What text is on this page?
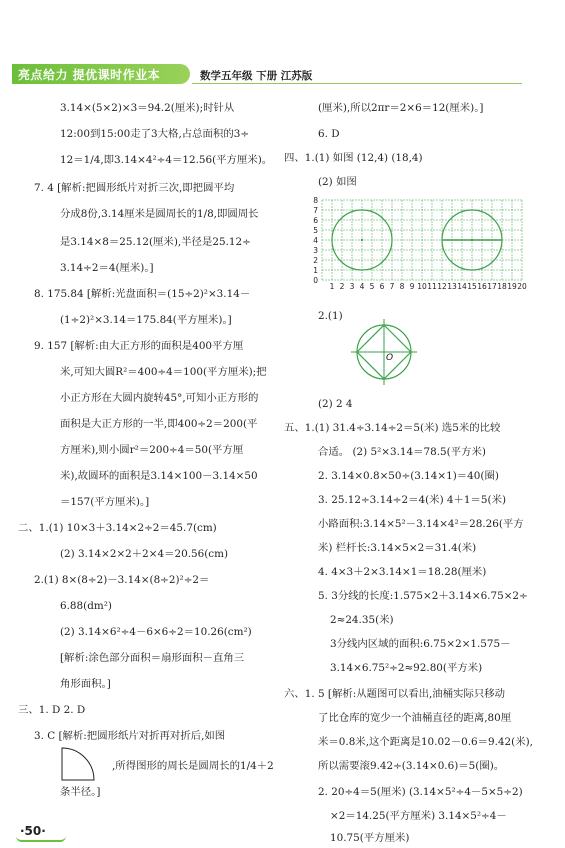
亮点给力 提优课时作业本	数学五年级 下册 江苏版
3.14×(5×2)×3＝94.2(厘米);时针从
12:00到15:00走了3大格,占总面积的3÷
12＝1/4,即3.14×4²÷4＝12.56(平方厘米)。
7. 4 [解析:把圆形纸片对折三次,即把圆平均
分成8份,3.14厘米是圆周长的1/8,即圆周长
是3.14×8＝25.12(厘米),半径是25.12÷
3.14÷2＝4(厘米)。]
8. 175.84 [解析:光盘面积＝(15÷2)²×3.14－
(1÷2)²×3.14＝175.84(平方厘米)。]
9. 157 [解析:由大正方形的面积是400平方厘
米,可知大圆R²＝400÷4＝100(平方厘米);把
小正方形在大圆内旋转45°,可知小正方形的
面积是大正方形的一半,即400÷2＝200(平
方厘米),则小圆r²＝200÷4＝50(平方厘
米),故圆环的面积是3.14×100－3.14×50
＝157(平方厘米)。]
二、1.(1) 10×3＋3.14×2÷2＝45.7(cm)
(2) 3.14×2×2＋2×4＝20.56(cm)
2.(1) 8×(8÷2)－3.14×(8÷2)²÷2＝
6.88(dm²)
(2) 3.14×6²÷4－6×6÷2＝10.26(cm²)
[解析:涂色部分面积＝扇形面积－直角三
角形面积。]
三、1. D 2. D
3. C [解析:把圆形纸片对折再对折后,如图
,所得图形的周长是圆周长的1/4＋2
条半径。]
(厘米),所以2πr＝2×6＝12(厘米)。]
6. D
四、1.(1) 如图 (12,4) (18,4)
(2) 如图
1 2 3 4 5 6 7 8 9 10 11 12 13 14 15 16 17 18 19 20
0
1
2
3
4
5
6
7
8
2.(1)
O
(2) 2 4
五、1.(1) 31.4÷3.14÷2＝5(米) 选5米的比较
合适。 (2) 5²×3.14＝78.5(平方米)
2. 3.14×0.8×50÷(3.14×1)＝40(圈)
3. 25.12÷3.14÷2＝4(米) 4＋1＝5(米)
小路面积:3.14×5²－3.14×4²＝28.26(平方
米) 栏杆长:3.14×5×2＝31.4(米)
4. 4×3＋2×3.14×1＝18.28(厘米)
5. 3分线的长度:1.575×2＋3.14×6.75×2÷
2≈24.35(米)
3分线内区域的面积:6.75×2×1.575－
3.14×6.75²÷2≈92.80(平方米)
六、1. 5 [解析:从题图可以看出,油桶实际只移动
了比仓库的宽少一个油桶直径的距离,80厘
米＝0.8米,这个距离是10.02－0.6＝9.42(米),
所以需要滚9.42÷(3.14×0.6)＝5(圈)。
2. 20÷4＝5(厘米) (3.14×5²÷4－5×5÷2)
×2＝14.25(平方厘米) 3.14×5²÷4－
10.75(平方厘米)
·50·
